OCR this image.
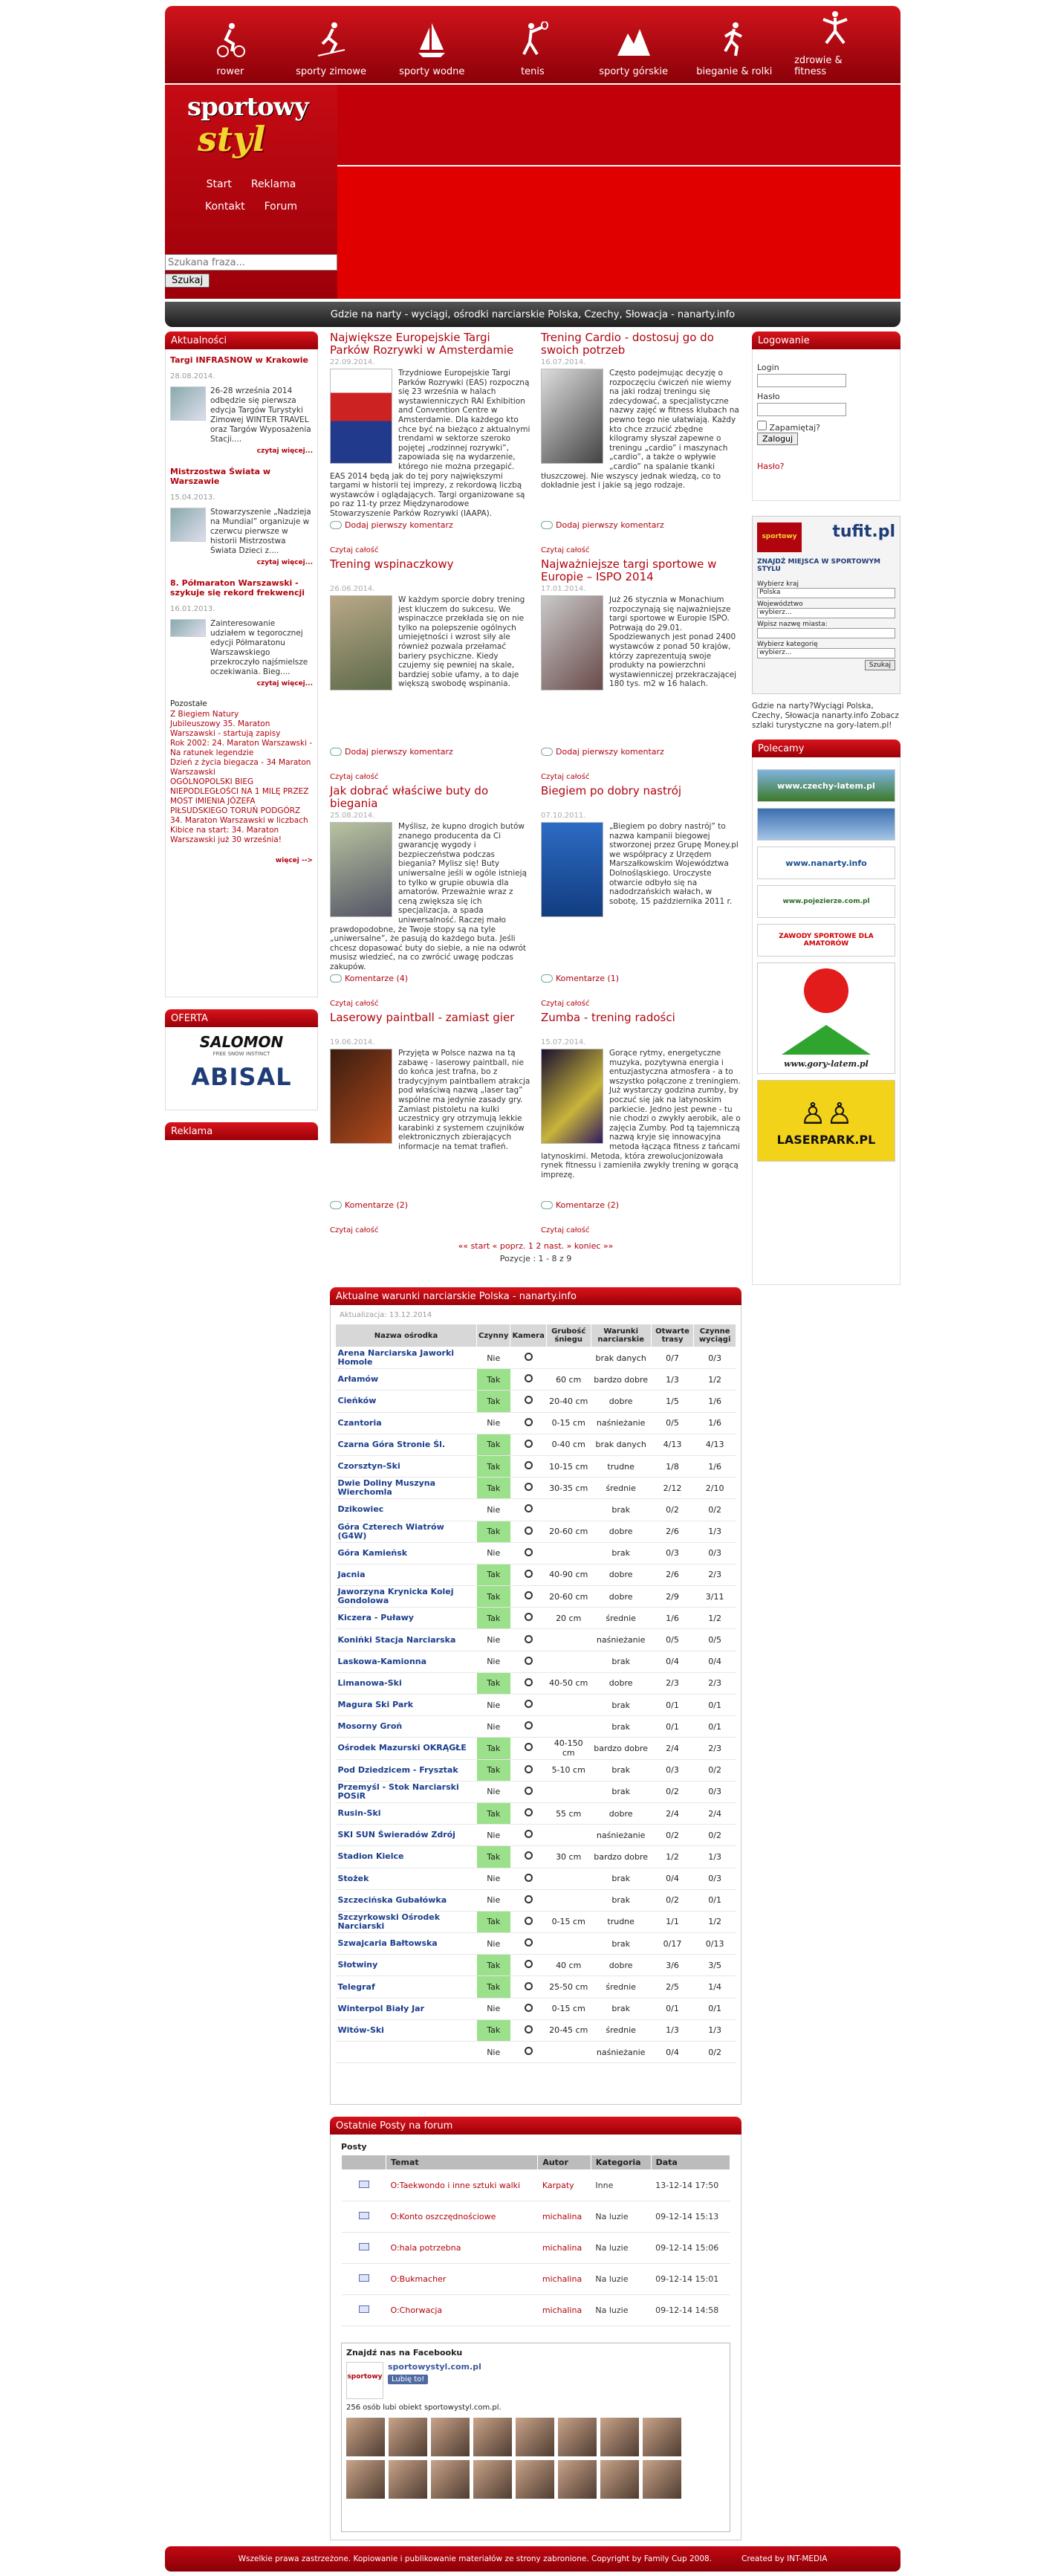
rower	sporty zimowe	sporty wodne	tenis	sporty górskie	bieganie & rolki
zdrowie & fitness
sportowy
styl
Start Reklama
Kontakt Forum
Szukana fraza... Szukaj
Gdzie na narty - wyciągi, ośrodki narciarskie Polska, Czechy, Słowacja - nanarty.info
Aktualności
Targi INFRASNOW w Krakowie
28.08.2014.
26-28 września 2014 odbędzie się pierwsza edycja Targów Turystyki Zimowej WINTER TRAVEL oraz Targów Wyposażenia Stacji....
czytaj więcej...
Mistrzostwa Świata w Warszawie
15.04.2013.
Stowarzyszenie „Nadzieja na Mundial” organizuje w czerwcu pierwsze w historii Mistrzostwa Świata Dzieci z....
czytaj więcej...
8. Półmaraton Warszawski - szykuje się rekord frekwencji
16.01.2013.
Zainteresowanie udziałem w tegorocznej edycji Półmaratonu Warszawskiego przekroczyło najśmielsze oczekiwania. Bieg....
czytaj więcej...
Pozostałe
Z Biegiem Natury
Jubileuszowy 35. Maraton Warszawski - startują zapisy
Rok 2002: 24. Maraton Warszawski - Na ratunek legendzie
Dzień z życia biegacza - 34 Maraton Warszawski
OGÓLNOPOLSKI BIEG NIEPODLEGŁOŚCI NA 1 MILĘ PRZEZ MOST IMIENIA JÓZEFA PIŁSUDSKIEGO TORUŃ PODGÓRZ
34. Maraton Warszawski w liczbach
Kibice na start: 34. Maraton Warszawski już 30 września!
więcej -->
OFERTA
SALOMON
FREE SNOW INSTINCT
ABISAL
Reklama
Największe Europejskie Targi Parków Rozrywki w Amsterdamie
22.09.2014.
Trzydniowe Europejskie Targi Parków Rozrywki (EAS) rozpoczną się 23 września w halach wystawienniczych RAI Exhibition and Convention Centre w Amsterdamie. Dla każdego kto chce być na bieżąco z aktualnymi trendami w sektorze szeroko pojętej „rodzinnej rozrywki”, zapowiada się na wydarzenie, którego nie można przegapić. EAS 2014 będą jak do tej pory największymi targami w historii tej imprezy, z rekordową liczbą wystawców i oglądających. Targi organizowane są po raz 11-ty przez Międzynarodowe Stowarzyszenie Parków Rozrywki (IAAPA).
Dodaj pierwszy komentarz
Czytaj całość
Trening Cardio - dostosuj go do swoich potrzeb
16.07.2014.
Często podejmując decyzję o rozpoczęciu ćwiczeń nie wiemy na jaki rodzaj treningu się zdecydować, a specjalistyczne nazwy zajęć w fitness klubach na pewno tego nie ułatwiają. Każdy kto chce zrzucić zbędne kilogramy słyszał zapewne o treningu „cardio” i maszynach „cardio”, a także o wpływie „cardio” na spalanie tkanki tłuszczowej. Nie wszyscy jednak wiedzą, co to dokładnie jest i jakie są jego rodzaje.
Dodaj pierwszy komentarz
Czytaj całość
Trening wspinaczkowy
26.06.2014.
W każdym sporcie dobry trening jest kluczem do sukcesu. We wspinaczce przekłada się on nie tylko na polepszenie ogólnych umiejętności i wzrost siły ale również pozwala przełamać bariery psychiczne. Kiedy czujemy się pewniej na skale, bardziej sobie ufamy, a to daje większą swobodę wspinania.
Dodaj pierwszy komentarz
Czytaj całość
Najważniejsze targi sportowe w Europie – ISPO 2014
17.01.2014.
Już 26 stycznia w Monachium rozpoczynają się najważniejsze targi sportowe w Europie ISPO. Potrwają do 29.01. Spodziewanych jest ponad 2400 wystawców z ponad 50 krajów, którzy zaprezentują swoje produkty na powierzchni wystawienniczej przekraczającej 180 tys. m2 w 16 halach.
Dodaj pierwszy komentarz
Czytaj całość
Jak dobrać właściwe buty do biegania
25.08.2014.
Myślisz, że kupno drogich butów znanego producenta da Ci gwarancję wygody i bezpieczeństwa podczas biegania? Mylisz się! Buty uniwersalne jeśli w ogóle istnieją to tylko w grupie obuwia dla amatorów. Przeważnie wraz z ceną zwiększa się ich specjalizacja, a spada uniwersalność. Raczej mało prawdopodobne, że Twoje stopy są na tyle „uniwersalne”, że pasują do każdego buta. Jeśli chcesz dopasować buty do siebie, a nie na odwrót musisz wiedzieć, na co zwrócić uwagę podczas zakupów.
Komentarze (4)
Czytaj całość
Biegiem po dobry nastrój
07.10.2011.
„Biegiem po dobry nastrój” to nazwa kampanii biegowej stworzonej przez Grupę Money.pl we współpracy z Urzędem Marszałkowskim Województwa Dolnośląskiego. Uroczyste otwarcie odbyło się na nadodrzańskich wałach, w sobotę, 15 października 2011 r.
Komentarze (1)
Czytaj całość
Laserowy paintball - zamiast gier
19.06.2014.
Przyjęta w Polsce nazwa na tą zabawę - laserowy paintball, nie do końca jest trafna, bo z tradycyjnym paintballem atrakcja pod właściwą nazwą „laser tag” wspólne ma jedynie zasady gry. Zamiast pistoletu na kulki uczestnicy gry otrzymują lekkie karabinki z systemem czujników elektronicznych zbierających informacje na temat trafień.
Komentarze (2)
Czytaj całość
Zumba - trening radości
15.07.2014.
Gorące rytmy, energetyczne muzyka, pozytywna energia i entuzjastyczna atmosfera - a to wszystko połączone z treningiem. Już wystarczy godzina zumby, by poczuć się jak na latynoskim parkiecie. Jedno jest pewne - tu nie chodzi o zwykły aerobik, ale o zajęcia Zumby. Pod tą tajemniczą nazwą kryje się innowacyjna metoda łącząca fitness z tańcami latynoskimi. Metoda, która zrewolucjonizowała rynek fitnessu i zamieniła zwykły trening w gorącą imprezę.
Komentarze (2)
Czytaj całość
«« start « poprz. 1 2 nast. » koniec »»
Pozycje : 1 - 8 z 9
Aktualne warunki narciarskie Polska - nanarty.info
Aktualizacja: 13.12.2014
Nazwa ośrodka	Czynny	Kamera	Grubość śniegu	Warunki narciarskie	Otwarte trasy	Czynne wyciągi
Arena Narciarska Jaworki Homole	Nie			brak danych	0/7	0/3
Arłamów	Tak		60 cm	bardzo dobre	1/3	1/2
Cieńków	Tak		20-40 cm	dobre	1/5	1/6
Czantoria	Nie		0-15 cm	naśnieżanie	0/5	1/6
Czarna Góra Stronie Śl.	Tak		0-40 cm	brak danych	4/13	4/13
Czorsztyn-Ski	Tak		10-15 cm	trudne	1/8	1/6
Dwie Doliny Muszyna Wierchomla	Tak		30-35 cm	średnie	2/12	2/10
Dzikowiec	Nie			brak	0/2	0/2
Góra Czterech Wiatrów (G4W)	Tak		20-60 cm	dobre	2/6	1/3
Góra Kamieńsk	Nie			brak	0/3	0/3
Jacnia	Tak		40-90 cm	dobre	2/6	2/3
Jaworzyna Krynicka Kolej Gondolowa	Tak		20-60 cm	dobre	2/9	3/11
Kiczera - Puławy	Tak		20 cm	średnie	1/6	1/2
Konińki Stacja Narciarska	Nie			naśnieżanie	0/5	0/5
Laskowa-Kamionna	Nie			brak	0/4	0/4
Limanowa-Ski	Tak		40-50 cm	dobre	2/3	2/3
Magura Ski Park	Nie			brak	0/1	0/1
Mosorny Groń	Nie			brak	0/1	0/1
Ośrodek Mazurski OKRĄGŁE	Tak		40-150 cm	bardzo dobre	2/4	2/3
Pod Dziedzicem - Frysztak	Tak		5-10 cm	brak	0/3	0/2
Przemyśl - Stok Narciarski POSiR	Nie			brak	0/2	0/3
Rusin-Ski	Tak		55 cm	dobre	2/4	2/4
SKI SUN Świeradów Zdrój	Nie			naśnieżanie	0/2	0/2
Stadion Kielce	Tak		30 cm	bardzo dobre	1/2	1/3
Stożek	Nie			brak	0/4	0/3
Szczecińska Gubałówka	Nie			brak	0/2	0/1
Szczyrkowski Ośrodek Narciarski	Tak		0-15 cm	trudne	1/1	1/2
Szwajcaria Bałtowska	Nie			brak	0/17	0/13
Słotwiny	Tak		40 cm	dobre	3/6	3/5
Telegraf	Tak		25-50 cm	średnie	2/5	1/4
Winterpol Biały Jar	Nie		0-15 cm	brak	0/1	0/1
Witów-Ski	Tak		20-45 cm	średnie	1/3	1/3
	Nie			naśnieżanie	0/4	0/2
Ostatnie Posty na forum
Posty
	Temat	Autor	Kategoria	Data
	O:Taekwondo i inne sztuki walki	Karpaty	Inne	13-12-14 17:50
	O:Konto oszczędnościowe	michalina	Na luzie	09-12-14 15:13
	O:hala potrzebna	michalina	Na luzie	09-12-14 15:06
	O:Bukmacher	michalina	Na luzie	09-12-14 15:01
	O:Chorwacja	michalina	Na luzie	09-12-14 14:58
Znajdź nas na Facebooku
sportowy
sportowystyl.com.pl
Lubię to!
256 osób lubi obiekt sportowystyl.com.pl.
Logowanie
Login
Hasło
Zapamiętaj?
Zaloguj
Hasło?
sportowy tufit.pl
ZNAJDŹ MIEJSCA W SPORTOWYM STYLU
Wybierz kraj
Polska
Województwo
wybierz...
Wpisz nazwę miasta:
Wybierz kategorię
wybierz...
Szukaj
Gdzie na narty?Wyciągi Polska, Czechy, Słowacja nanarty.info Zobacz szlaki turystyczne na gory-latem.pl!
Polecamy
www.czechy-latem.pl
www.nanarty.info
www.pojezierze.com.pl
ZAWODY SPORTOWE DLA AMATORÓW
www.gory-latem.pl
♙♙
LASERPARK.PL
Wszelkie prawa zastrzeżone. Kopiowanie i publikowanie materiałów ze strony zabronione. Copyright by Family Cup 2008.	Created by INT-MEDIA
